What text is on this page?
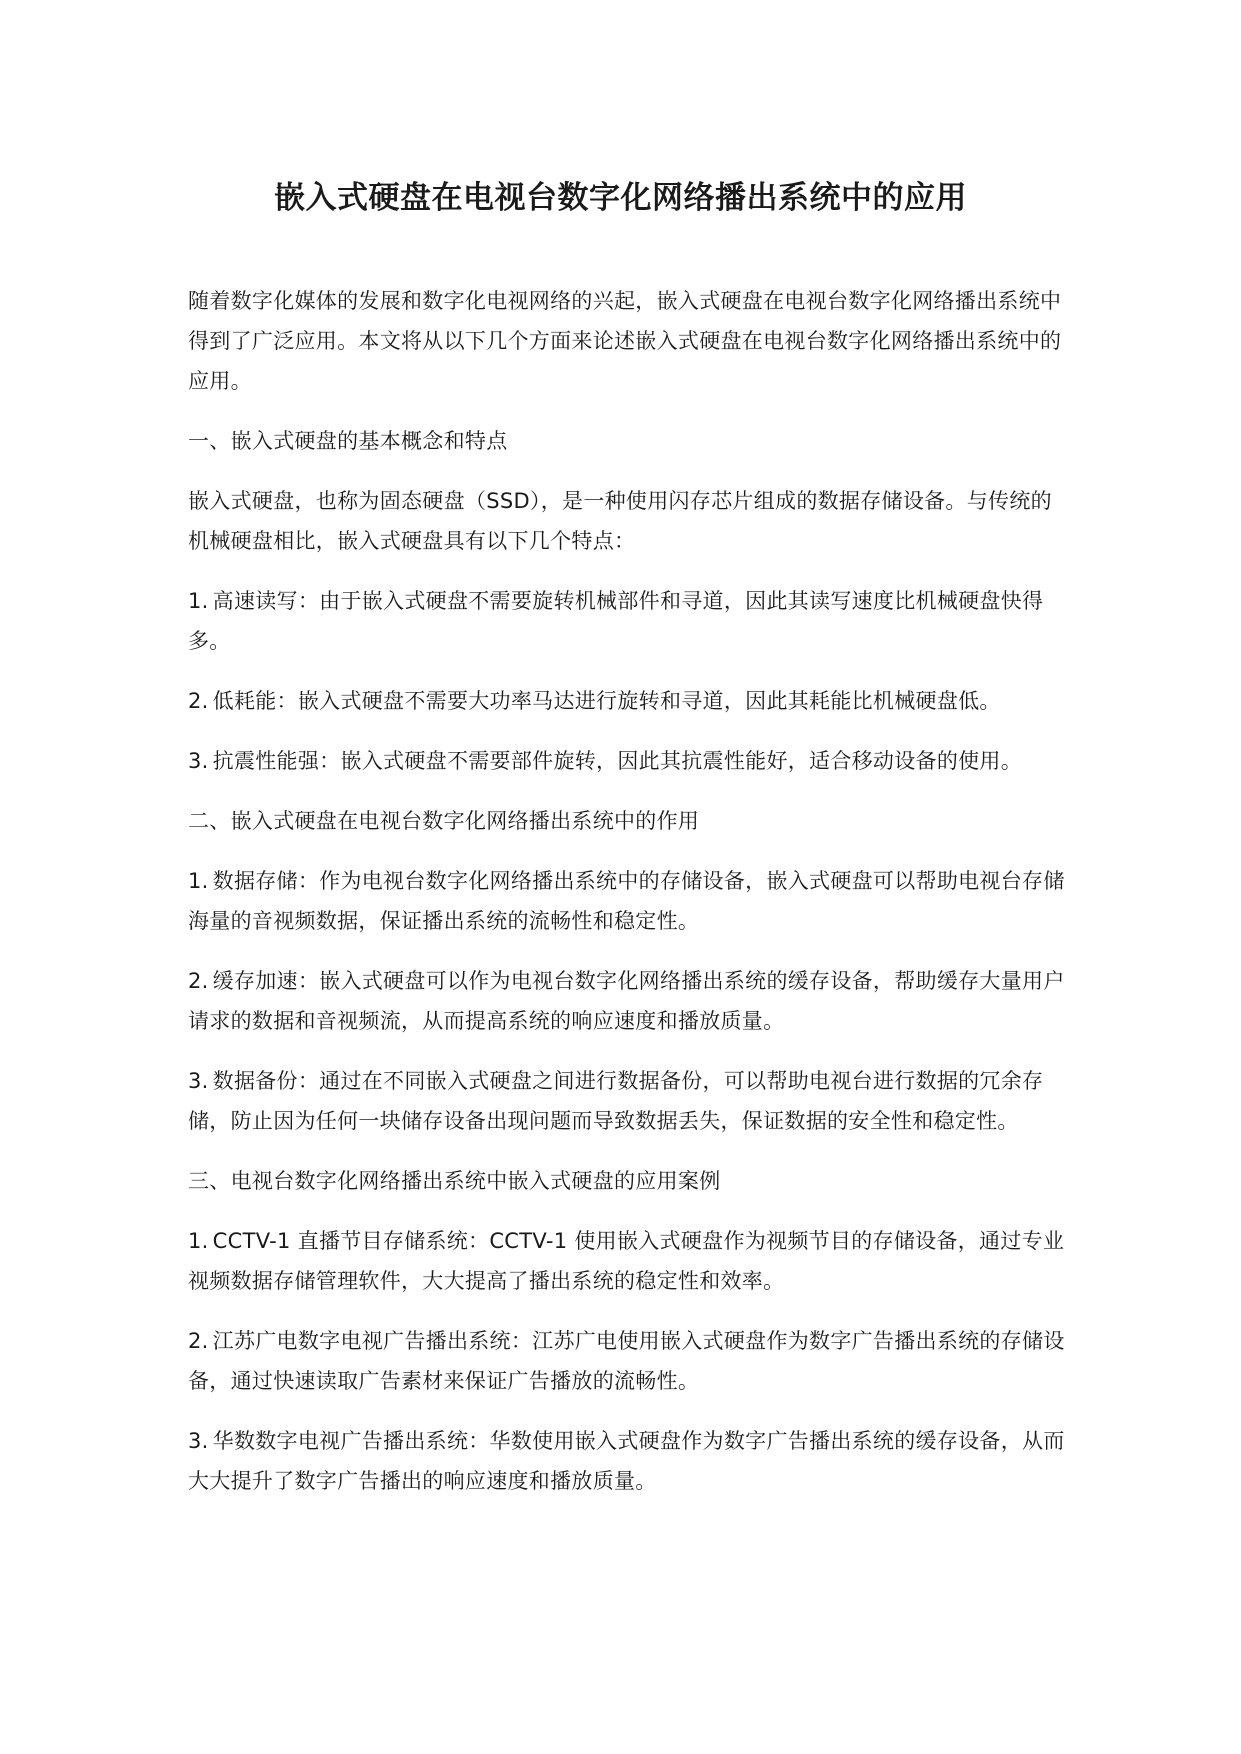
嵌入式硬盘在电视台数字化网络播出系统中的应用

随着数字化媒体的发展和数字化电视网络的兴起，嵌入式硬盘在电视台数字化网络播出系统中得到了广泛应用。本文将从以下几个方面来论述嵌入式硬盘在电视台数字化网络播出系统中的应用。

一、嵌入式硬盘的基本概念和特点

嵌入式硬盘，也称为固态硬盘（SSD），是一种使用闪存芯片组成的数据存储设备。与传统的机械硬盘相比，嵌入式硬盘具有以下几个特点：

1. 高速读写：由于嵌入式硬盘不需要旋转机械部件和寻道，因此其读写速度比机械硬盘快得多。

2. 低耗能：嵌入式硬盘不需要大功率马达进行旋转和寻道，因此其耗能比机械硬盘低。

3. 抗震性能强：嵌入式硬盘不需要部件旋转，因此其抗震性能好，适合移动设备的使用。

二、嵌入式硬盘在电视台数字化网络播出系统中的作用

1. 数据存储：作为电视台数字化网络播出系统中的存储设备，嵌入式硬盘可以帮助电视台存储海量的音视频数据，保证播出系统的流畅性和稳定性。

2. 缓存加速：嵌入式硬盘可以作为电视台数字化网络播出系统的缓存设备，帮助缓存大量用户请求的数据和音视频流，从而提高系统的响应速度和播放质量。

3. 数据备份：通过在不同嵌入式硬盘之间进行数据备份，可以帮助电视台进行数据的冗余存储，防止因为任何一块储存设备出现问题而导致数据丢失，保证数据的安全性和稳定性。

三、电视台数字化网络播出系统中嵌入式硬盘的应用案例

1. CCTV-1 直播节目存储系统：CCTV-1 使用嵌入式硬盘作为视频节目的存储设备，通过专业视频数据存储管理软件，大大提高了播出系统的稳定性和效率。

2. 江苏广电数字电视广告播出系统：江苏广电使用嵌入式硬盘作为数字广告播出系统的存储设备，通过快速读取广告素材来保证广告播放的流畅性。

3. 华数数字电视广告播出系统：华数使用嵌入式硬盘作为数字广告播出系统的缓存设备，从而大大提升了数字广告播出的响应速度和播放质量。
